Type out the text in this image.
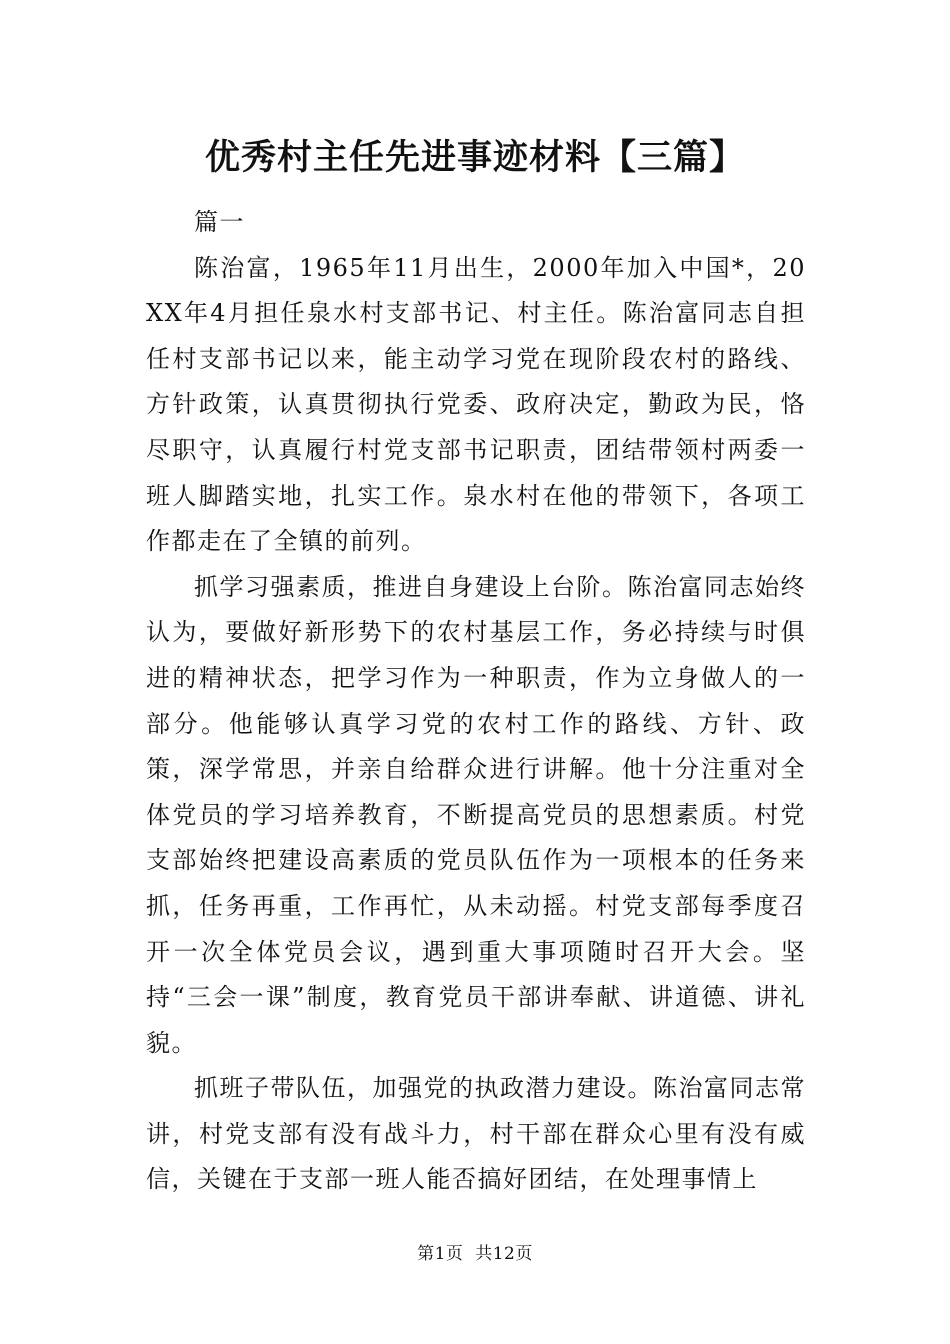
优秀村主任先进事迹材料【三篇】

篇一

陈治富，1965年11月出生，2000年加入中国*，20XX年4月担任泉水村支部书记、村主任。陈治富同志自担任村支部书记以来，能主动学习党在现阶段农村的路线、方针政策，认真贯彻执行党委、政府决定，勤政为民，恪尽职守，认真履行村党支部书记职责，团结带领村两委一班人脚踏实地，扎实工作。泉水村在他的带领下，各项工作都走在了全镇的前列。

抓学习强素质，推进自身建设上台阶。陈治富同志始终认为，要做好新形势下的农村基层工作，务必持续与时俱进的精神状态，把学习作为一种职责，作为立身做人的一部分。他能够认真学习党的农村工作的路线、方针、政策，深学常思，并亲自给群众进行讲解。他十分注重对全体党员的学习培养教育，不断提高党员的思想素质。村党支部始终把建设高素质的党员队伍作为一项根本的任务来抓，任务再重，工作再忙，从未动摇。村党支部每季度召开一次全体党员会议，遇到重大事项随时召开大会。坚持“三会一课”制度，教育党员干部讲奉献、讲道德、讲礼貌。

抓班子带队伍，加强党的执政潜力建设。陈治富同志常讲，村党支部有没有战斗力，村干部在群众心里有没有威信，关键在于支部一班人能否搞好团结，在处理事情上

第1页  共12页
